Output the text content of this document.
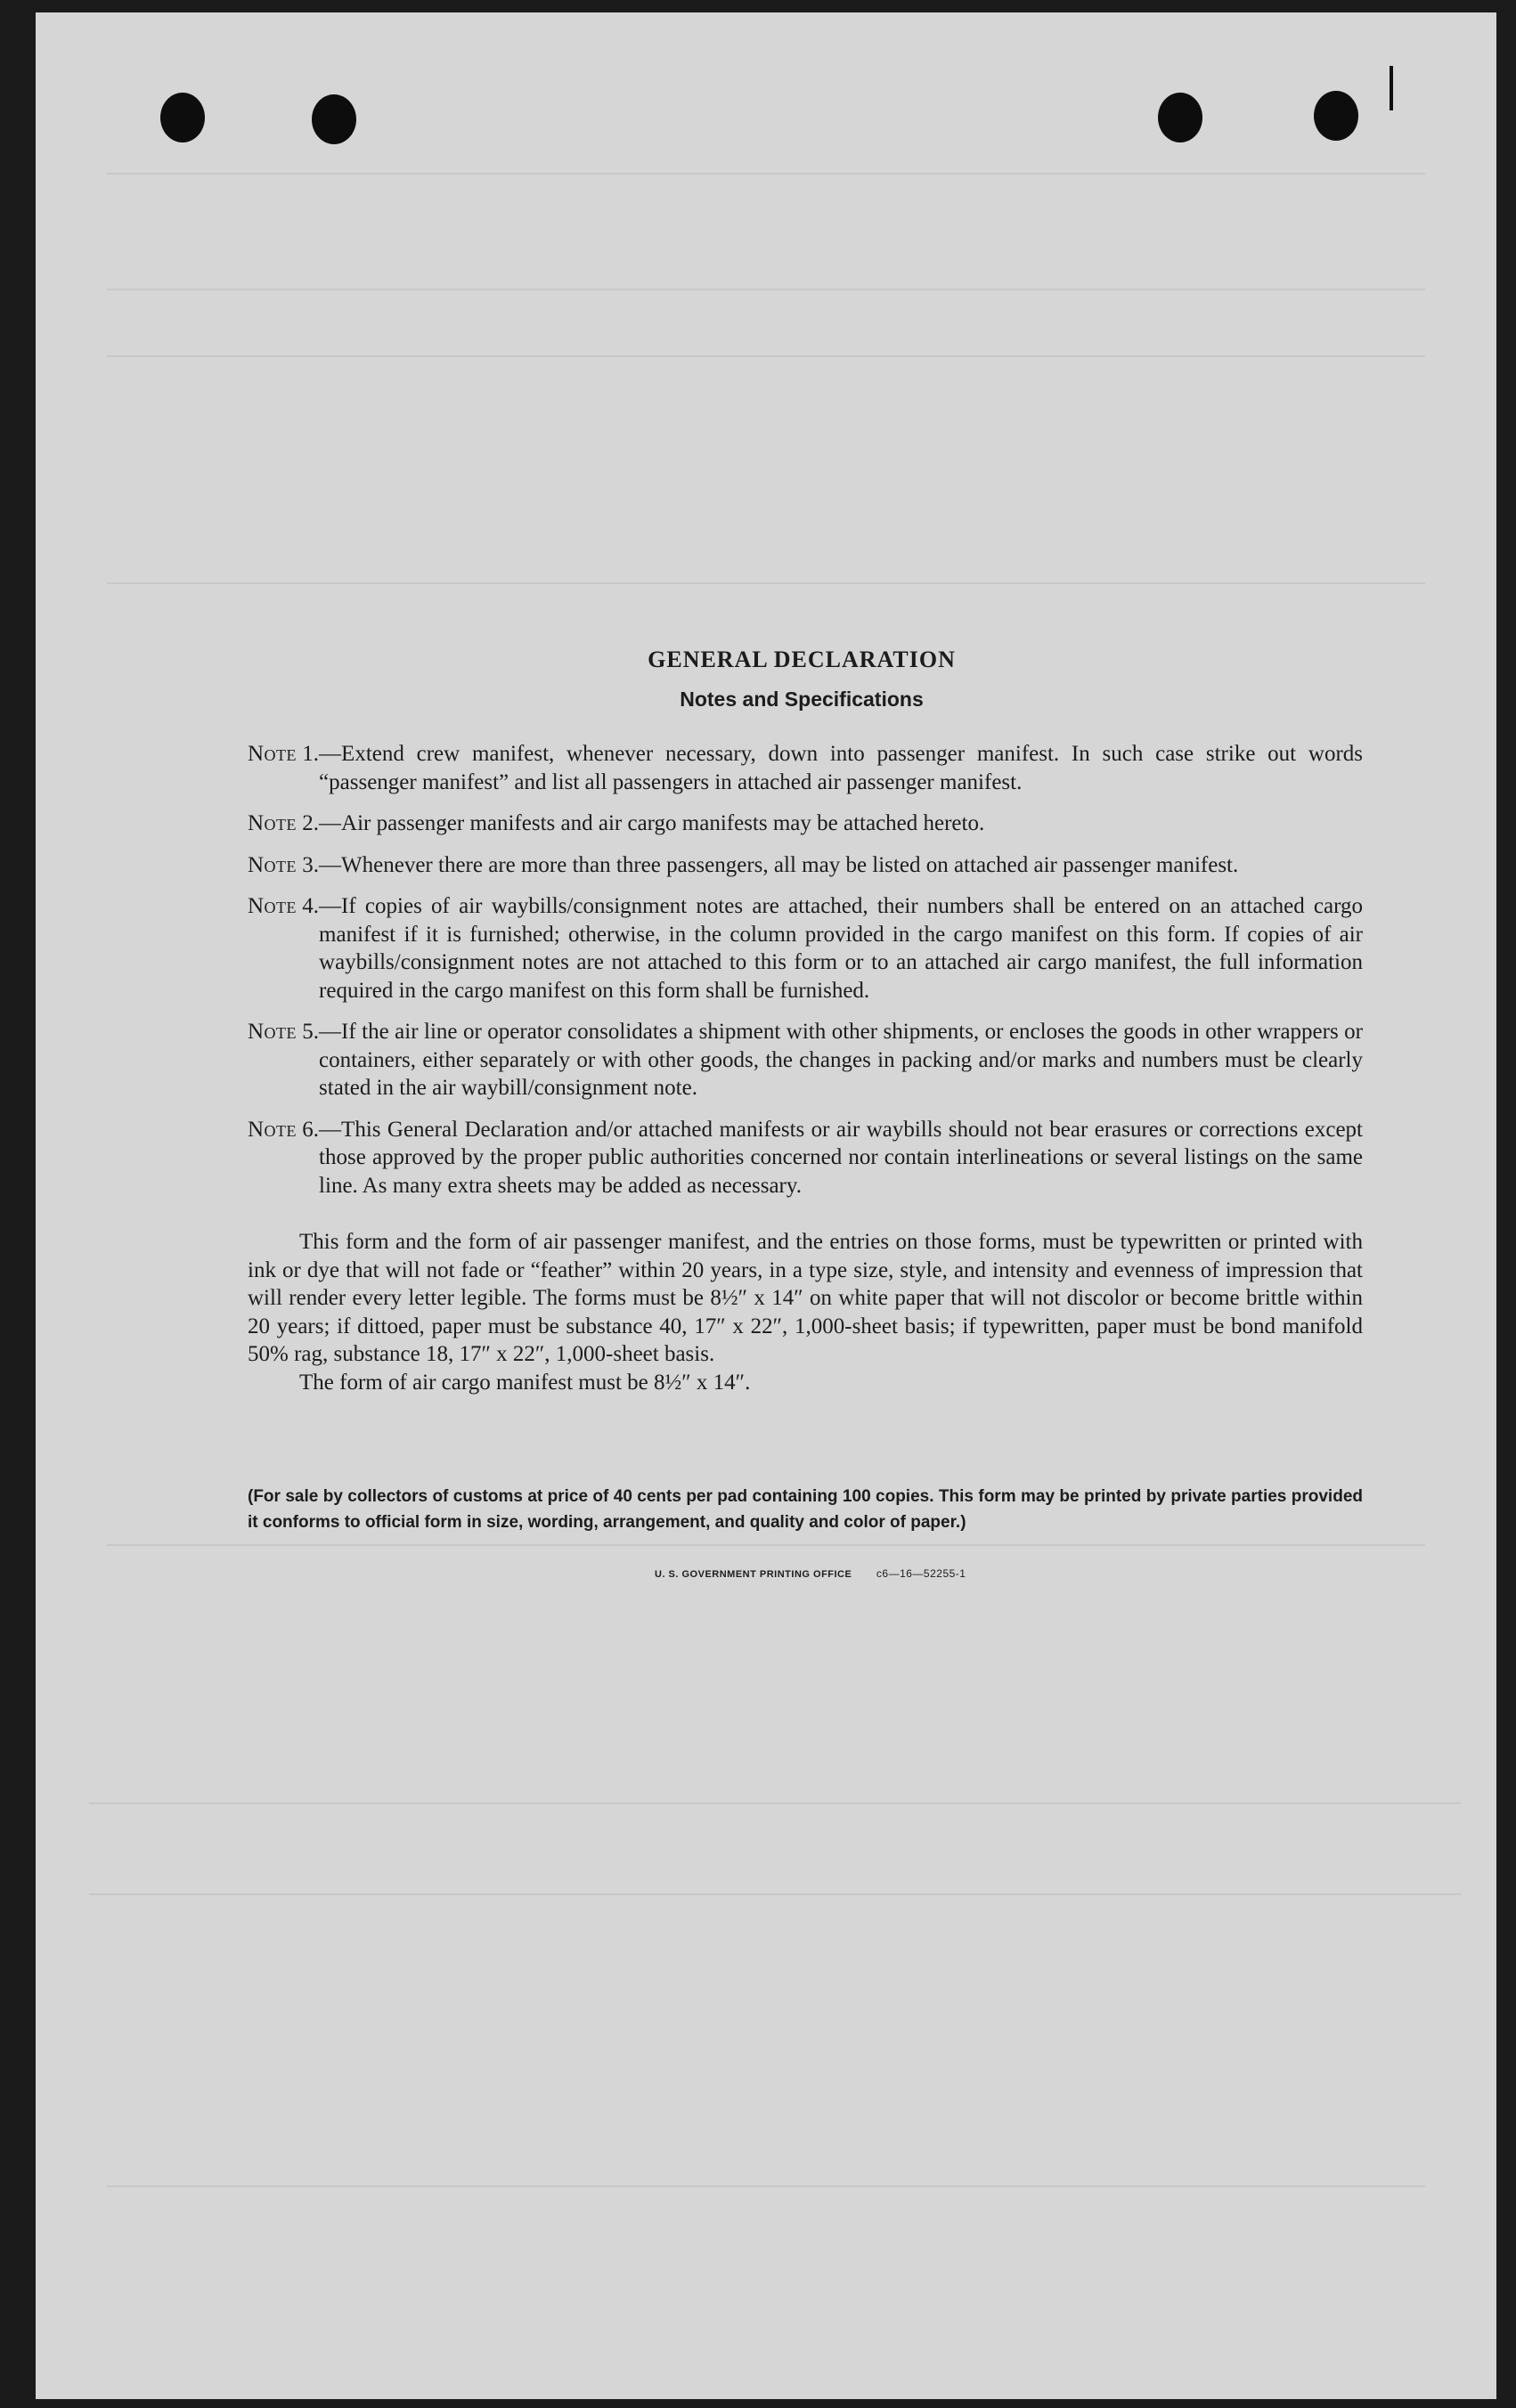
GENERAL DECLARATION
Notes and Specifications
Note 1. —Extend crew manifest, whenever necessary, down into passenger manifest. In such case strike out words “passenger manifest” and list all passengers in attached air passenger manifest.
Note 2. —Air passenger manifests and air cargo manifests may be attached hereto.
Note 3. —Whenever there are more than three passengers, all may be listed on attached air passenger manifest.
Note 4. —If copies of air waybills/consignment notes are attached, their numbers shall be entered on an attached cargo manifest if it is furnished; otherwise, in the column provided in the cargo manifest on this form. If copies of air waybills/consignment notes are not attached to this form or to an attached air cargo manifest, the full information required in the cargo manifest on this form shall be furnished.
Note 5. —If the air line or operator consolidates a shipment with other shipments, or encloses the goods in other wrappers or containers, either separately or with other goods, the changes in packing and/or marks and numbers must be clearly stated in the air waybill/consignment note.
Note 6. —This General Declaration and/or attached manifests or air waybills should not bear erasures or corrections except those approved by the proper public authorities concerned nor contain interlineations or several listings on the same line. As many extra sheets may be added as necessary.

This form and the form of air passenger manifest, and the entries on those forms, must be typewritten or printed with ink or dye that will not fade or “feather” within 20 years, in a type size, style, and intensity and evenness of impression that will render every letter legible. The forms must be 8½″ x 14″ on white paper that will not discolor or become brittle within 20 years; if dittoed, paper must be substance 40, 17″ x 22″, 1,000-sheet basis; if typewritten, paper must be bond manifold 50% rag, substance 18, 17″ x 22″, 1,000-sheet basis.

The form of air cargo manifest must be 8½″ x 14″.

(For sale by collectors of customs at price of 40 cents per pad containing 100 copies. This form may be printed by private parties provided it conforms to official form in size, wording, arrangement, and quality and color of paper.)
U. S. GOVERNMENT PRINTING OFFICE c6—16—52255-1
